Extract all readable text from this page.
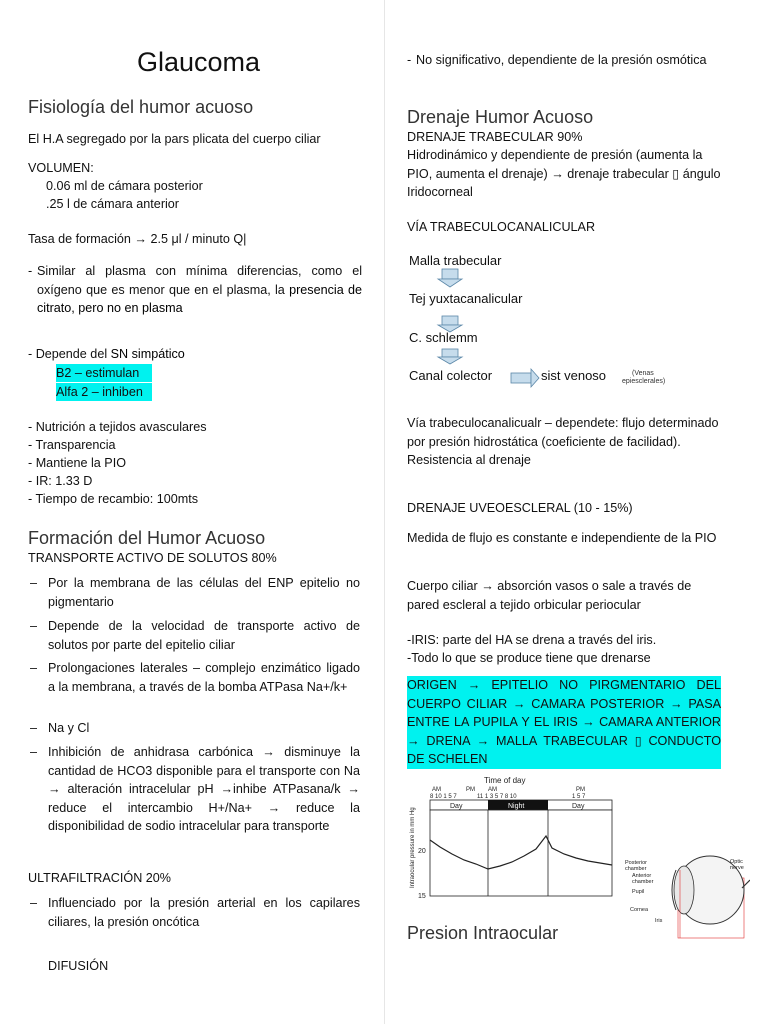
Glaucoma
Fisiología del humor acuoso
El H.A segregado por la pars plicata del cuerpo ciliar
VOLUMEN:
0.06 ml de cámara posterior
.25 l de cámara anterior
Tasa de formación → 2.5 μl / minuto Q|
- Similar al plasma con mínima diferencias, como el oxígeno que es menor que en el plasma, la presencia de citrato, pero no en plasma
- Depende del SN simpático
B2 – estimulan
Alfa 2 – inhiben
- Nutrición a tejidos avasculares
- Transparencia
- Mantiene la PIO
- IR: 1.33 D
- Tiempo de recambio: 100mts
Formación del Humor Acuoso
TRANSPORTE ACTIVO DE SOLUTOS 80%
– Por la membrana de las células del ENP epitelio no pigmentario
– Depende de la velocidad de transporte activo de solutos por parte del epitelio ciliar
– Prolongaciones laterales – complejo enzimático ligado a la membrana, a través de la bomba ATPasa Na+/k+
– Na y Cl
– Inhibición de anhidrasa carbónica → disminuye la cantidad de HCO3 disponible para el transporte con Na → alteración intracelular pH →inhibe ATPasana/k → reduce el intercambio H+/Na+ → reduce la disponibilidad de sodio intracelular para transporte
ULTRAFILTRACIÓN 20%
– Influenciado por la presión arterial en los capilares ciliares, la presión oncótica
DIFUSIÓN
- No significativo, dependiente de la presión osmótica
Drenaje Humor Acuoso
DRENAJE TRABECULAR 90%
Hidrodinámico y dependiente de presión (aumenta la PIO, aumenta el drenaje) → drenaje trabecular ▯ ángulo Iridocorneal
VÍA TRABECULOCANALICULAR
Malla trabecular
Tej yuxtacanalicular
C. schlemm
Canal colector	sist venoso	(Venas
epiesclerales)
Vía trabeculocanalicualr – dependete: flujo determinado por presión hidrostática (coeficiente de facilidad). Resistencia al drenaje
DRENAJE UVEOESCLERAL (10 - 15%)
Medida de flujo es constante e independiente de la PIO
Cuerpo ciliar → absorción vasos o sale a través de pared escleral a tejido orbicular periocular
-IRIS: parte del HA se drena a través del iris.
-Todo lo que se produce tiene que drenarse
ORIGEN → EPITELIO NO PIRGMENTARIO DEL CUERPO CILIAR → CAMARA POSTERIOR → PASA ENTRE LA PUPILA Y EL IRIS → CAMARA ANTERIOR → DRENA → MALLA TRABECULAR ▯ CONDUCTO DE SCHELEN
Time of day
AM	PM AM	PM
8 10 1 5 7	11 1 3 5 7 8 10	1 5 7
Day	Night	Day
20
15
Intraocular pressure in mm Hg	Posterior
chamber
Anterior
chamber
Pupil
Cornea
Iris
Optic
nerve
Presion Intraocular
